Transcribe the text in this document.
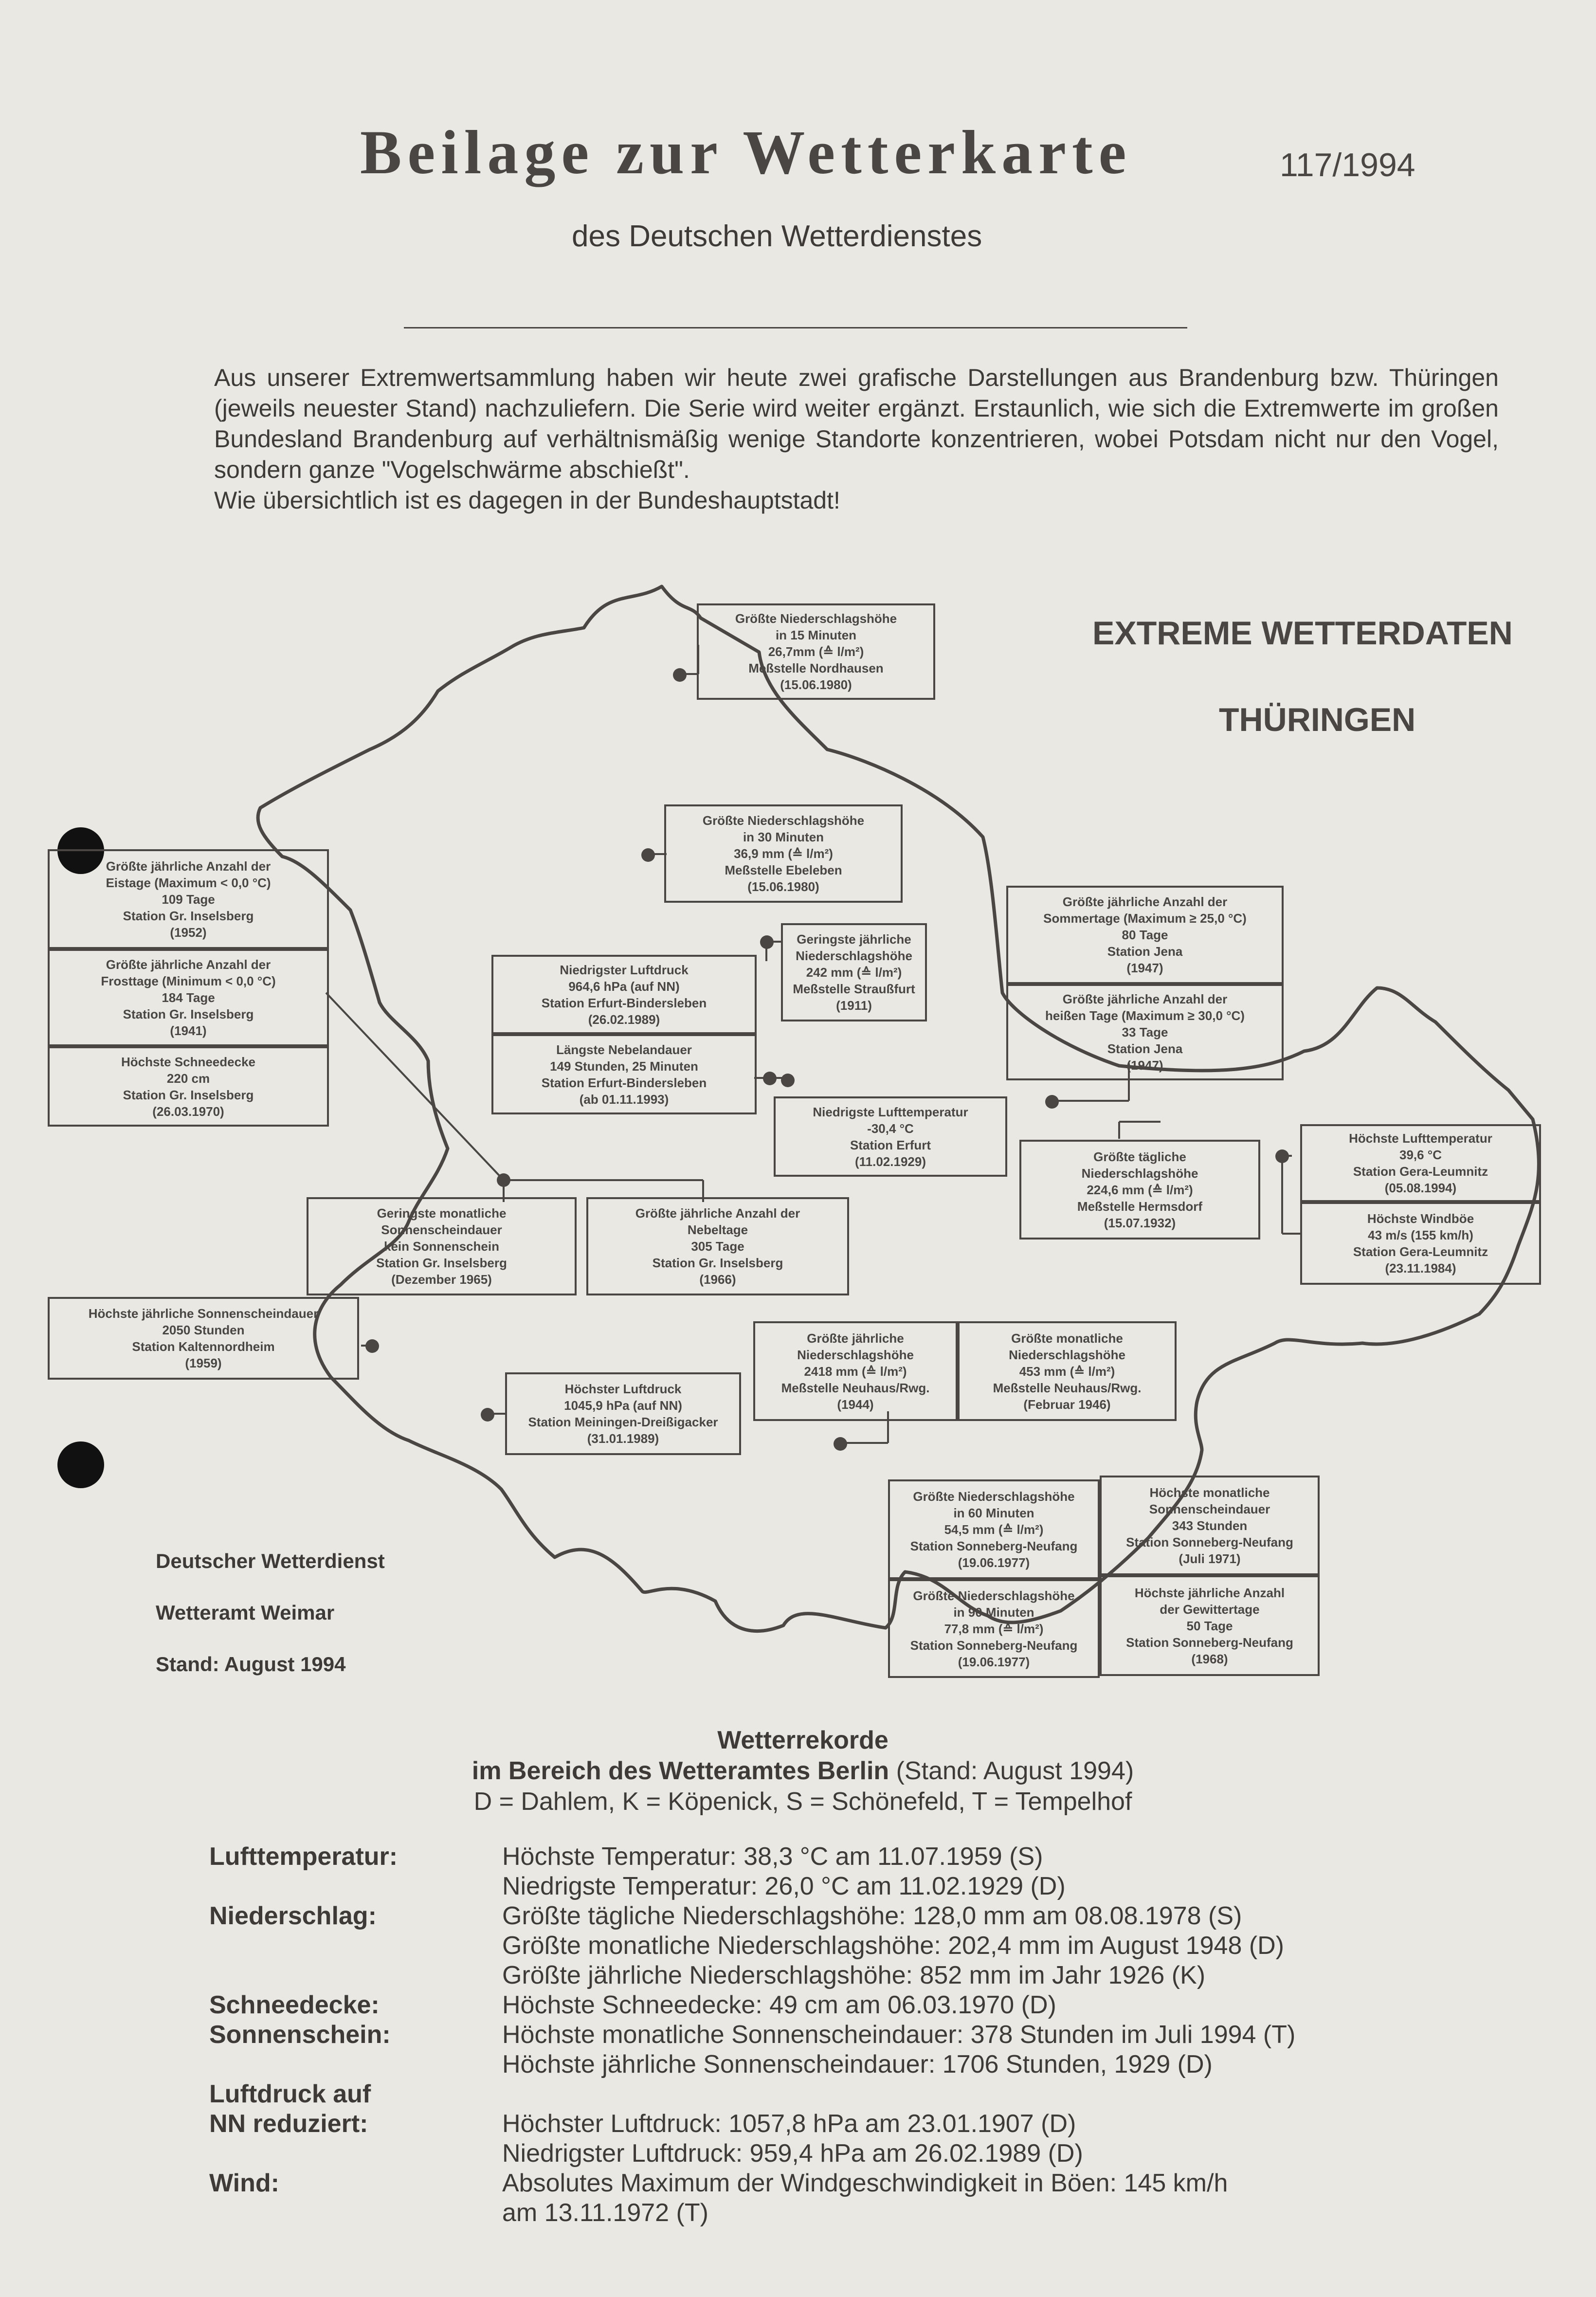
Beilage zur Wetterkarte	117/1994
des Deutschen Wetterdienstes

Aus unserer Extremwertsammlung haben wir heute zwei grafische Darstellungen aus Brandenburg bzw. Thüringen (jeweils neuester Stand) nachzuliefern. Die Serie wird weiter ergänzt. Erstaunlich, wie sich die Extremwerte im großen Bundesland Brandenburg auf verhältnismäßig wenige Standorte konzentrieren, wobei Potsdam nicht nur den Vogel, sondern ganze "Vogelschwärme abschießt".

Wie übersichtlich ist es dagegen in der Bundeshauptstadt!

EXTREME WETTERDATEN
THÜRINGEN
Größte Niederschlagshöhe
in 15 Minuten
26,7mm (≙ l/m²)
Meßstelle Nordhausen
(15.06.1980)
Größte Niederschlagshöhe
in 30 Minuten
36,9 mm (≙ l/m²)
Meßstelle Ebeleben
(15.06.1980)
Größte jährliche Anzahl der
Eistage (Maximum < 0,0 °C)
109 Tage
Station Gr. Inselsberg
(1952)
Größte jährliche Anzahl der
Frosttage (Minimum < 0,0 °C)
184 Tage
Station Gr. Inselsberg
(1941)
Höchste Schneedecke
220 cm
Station Gr. Inselsberg
(26.03.1970)
Niedrigster Luftdruck
964,6 hPa (auf NN)
Station Erfurt-Bindersleben
(26.02.1989)
Längste Nebelandauer
149 Stunden, 25 Minuten
Station Erfurt-Bindersleben
(ab 01.11.1993)
Geringste jährliche
Niederschlagshöhe
242 mm (≙ l/m²)
Meßstelle Straußfurt
(1911)
Größte jährliche Anzahl der
Sommertage (Maximum ≥ 25,0 °C)
80 Tage
Station Jena
(1947)
Größte jährliche Anzahl der
heißen Tage (Maximum ≥ 30,0 °C)
33 Tage
Station Jena
(1947)
Niedrigste Lufttemperatur
-30,4 °C
Station Erfurt
(11.02.1929)	Größte tägliche
Niederschlagshöhe
224,6 mm (≙ l/m²)
Meßstelle Hermsdorf
(15.07.1932)
Höchste Lufttemperatur
39,6 °C
Station Gera-Leumnitz
(05.08.1994)
Höchste Windböe
43 m/s (155 km/h)
Station Gera-Leumnitz
(23.11.1984)
Geringste monatliche
Sonnenscheindauer
kein Sonnenschein
Station Gr. Inselsberg
(Dezember 1965)
Größte jährliche Anzahl der
Nebeltage
305 Tage
Station Gr. Inselsberg
(1966)
Höchste jährliche Sonnenscheindauer
2050 Stunden
Station Kaltennordheim
(1959)
Höchster Luftdruck
1045,9 hPa (auf NN)
Station Meiningen-Dreißigacker
(31.01.1989)
Größte jährliche
Niederschlagshöhe
2418 mm (≙ l/m²)
Meßstelle Neuhaus/Rwg.
(1944)
Größte monatliche
Niederschlagshöhe
453 mm (≙ l/m²)
Meßstelle Neuhaus/Rwg.
(Februar 1946)
Größte Niederschlagshöhe
in 60 Minuten
54,5 mm (≙ l/m²)
Station Sonneberg-Neufang
(19.06.1977)
Höchste monatliche
Sonnenscheindauer
343 Stunden
Station Sonneberg-Neufang
(Juli 1971)
Größte Niederschlagshöhe
in 90 Minuten
77,8 mm (≙ l/m²)
Station Sonneberg-Neufang
(19.06.1977)
Höchste jährliche Anzahl
der Gewittertage
50 Tage
Station Sonneberg-Neufang
(1968)
Deutscher Wetterdienst
Wetteramt Weimar
Stand: August 1994
Wetterrekorde
im Bereich des Wetteramtes Berlin (Stand: August 1994)
D = Dahlem, K = Köpenick, S = Schönefeld, T = Tempelhof
Lufttemperatur:	Höchste Temperatur: 38,3 °C am 11.07.1959 (S)
Niedrigste Temperatur: 26,0 °C am 11.02.1929 (D)
Niederschlag:	Größte tägliche Niederschlagshöhe: 128,0 mm am 08.08.1978 (S)
Größte monatliche Niederschlagshöhe: 202,4 mm im August 1948 (D)
Größte jährliche Niederschlagshöhe: 852 mm im Jahr 1926 (K)
Schneedecke:	Höchste Schneedecke: 49 cm am 06.03.1970 (D)
Sonnenschein:	Höchste monatliche Sonnenscheindauer: 378 Stunden im Juli 1994 (T)
Höchste jährliche Sonnenscheindauer: 1706 Stunden, 1929 (D)
Luftdruck auf
NN reduziert:	Höchster Luftdruck: 1057,8 hPa am 23.01.1907 (D)
Niedrigster Luftdruck: 959,4 hPa am 26.02.1989 (D)
Wind:	Absolutes Maximum der Windgeschwindigkeit in Böen: 145 km/h
am 13.11.1972 (T)
